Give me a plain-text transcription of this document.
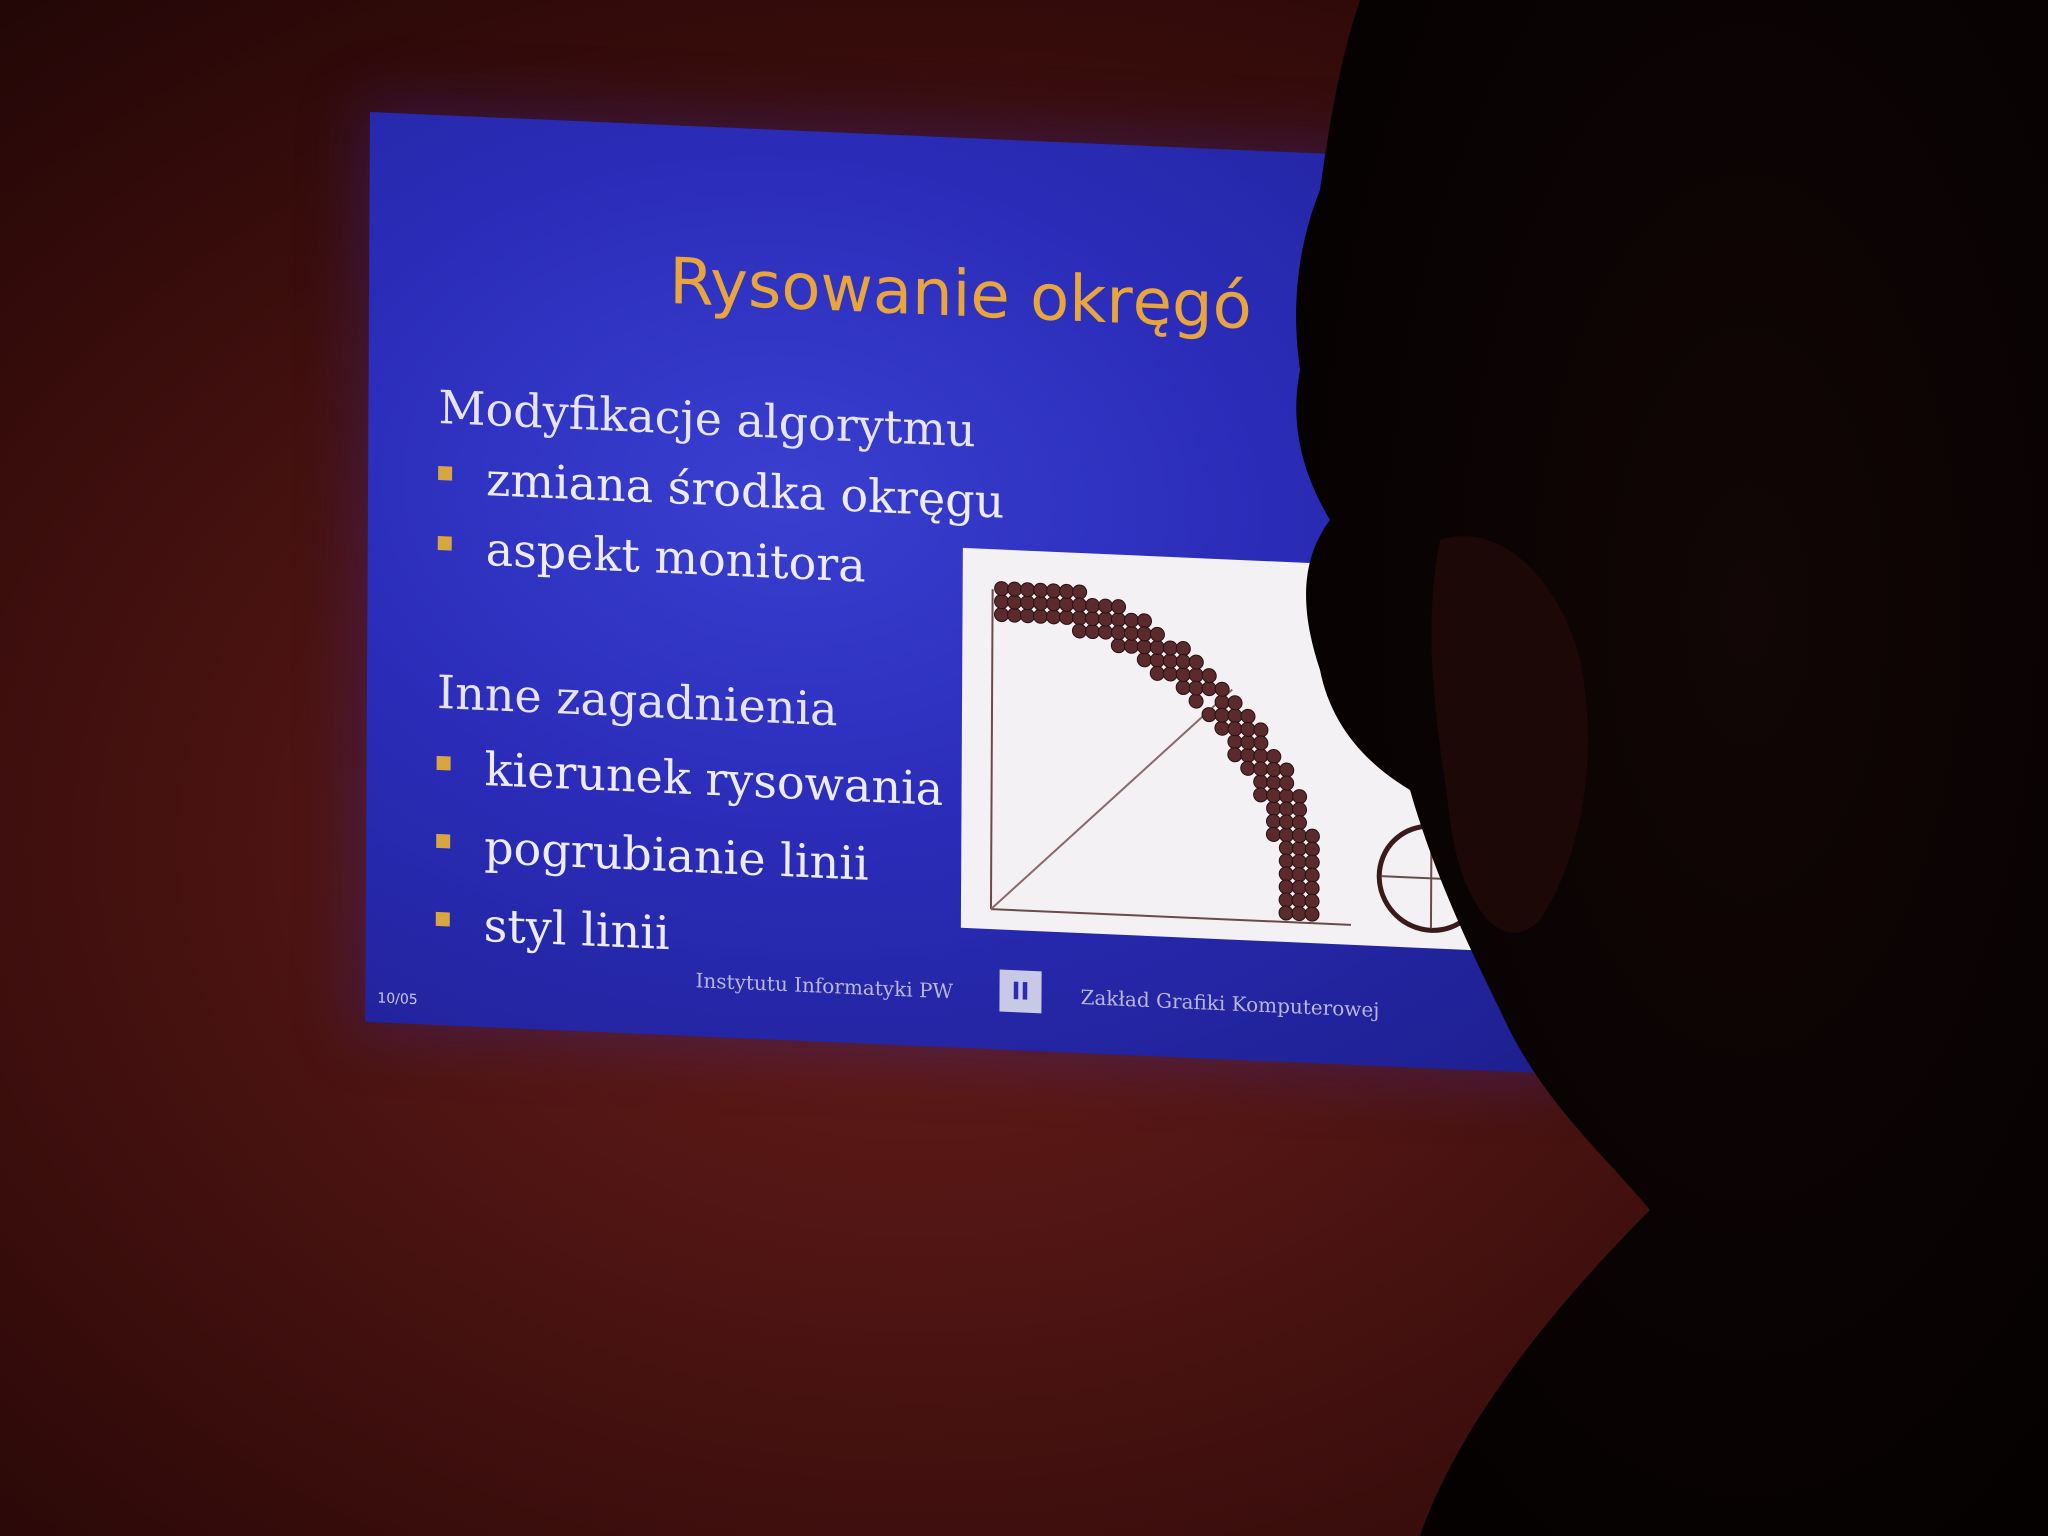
Rysowanie okręgó
Modyfikacje algorytmu
zmiana środka okręgu
aspekt monitora
Inne zagadnienia
kierunek rysowania
pogrubianie linii
styl linii
Instytutu Informatyki PW	II	Zakład Grafiki Komputerowej
10/05
